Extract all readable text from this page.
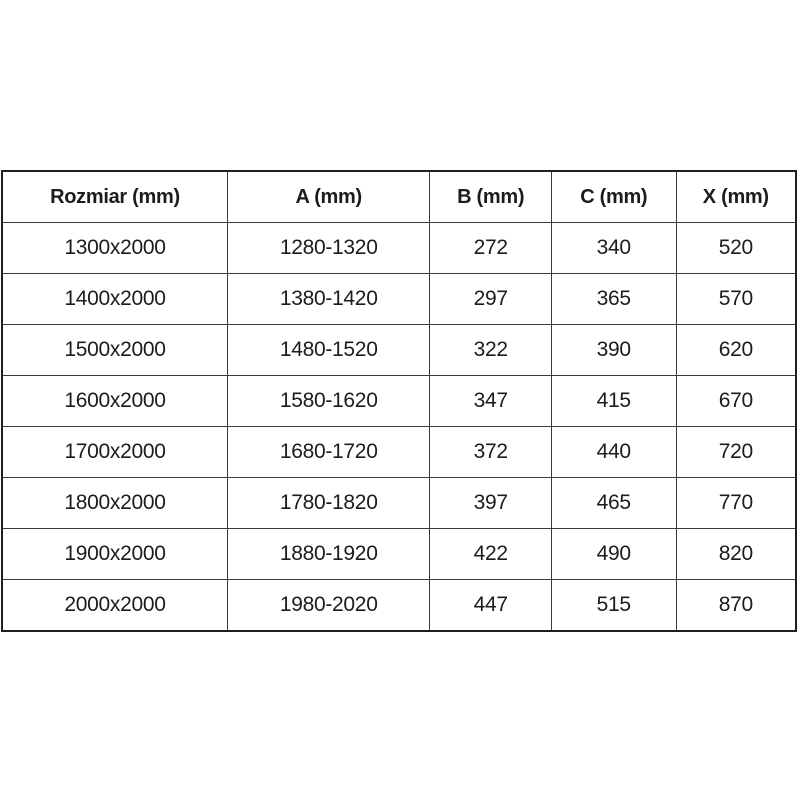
Rozmiar (mm)	A (mm)	B (mm)	C (mm)	X (mm)
1300x2000	1280-1320	272	340	520
1400x2000	1380-1420	297	365	570
1500x2000	1480-1520	322	390	620
1600x2000	1580-1620	347	415	670
1700x2000	1680-1720	372	440	720
1800x2000	1780-1820	397	465	770
1900x2000	1880-1920	422	490	820
2000x2000	1980-2020	447	515	870
